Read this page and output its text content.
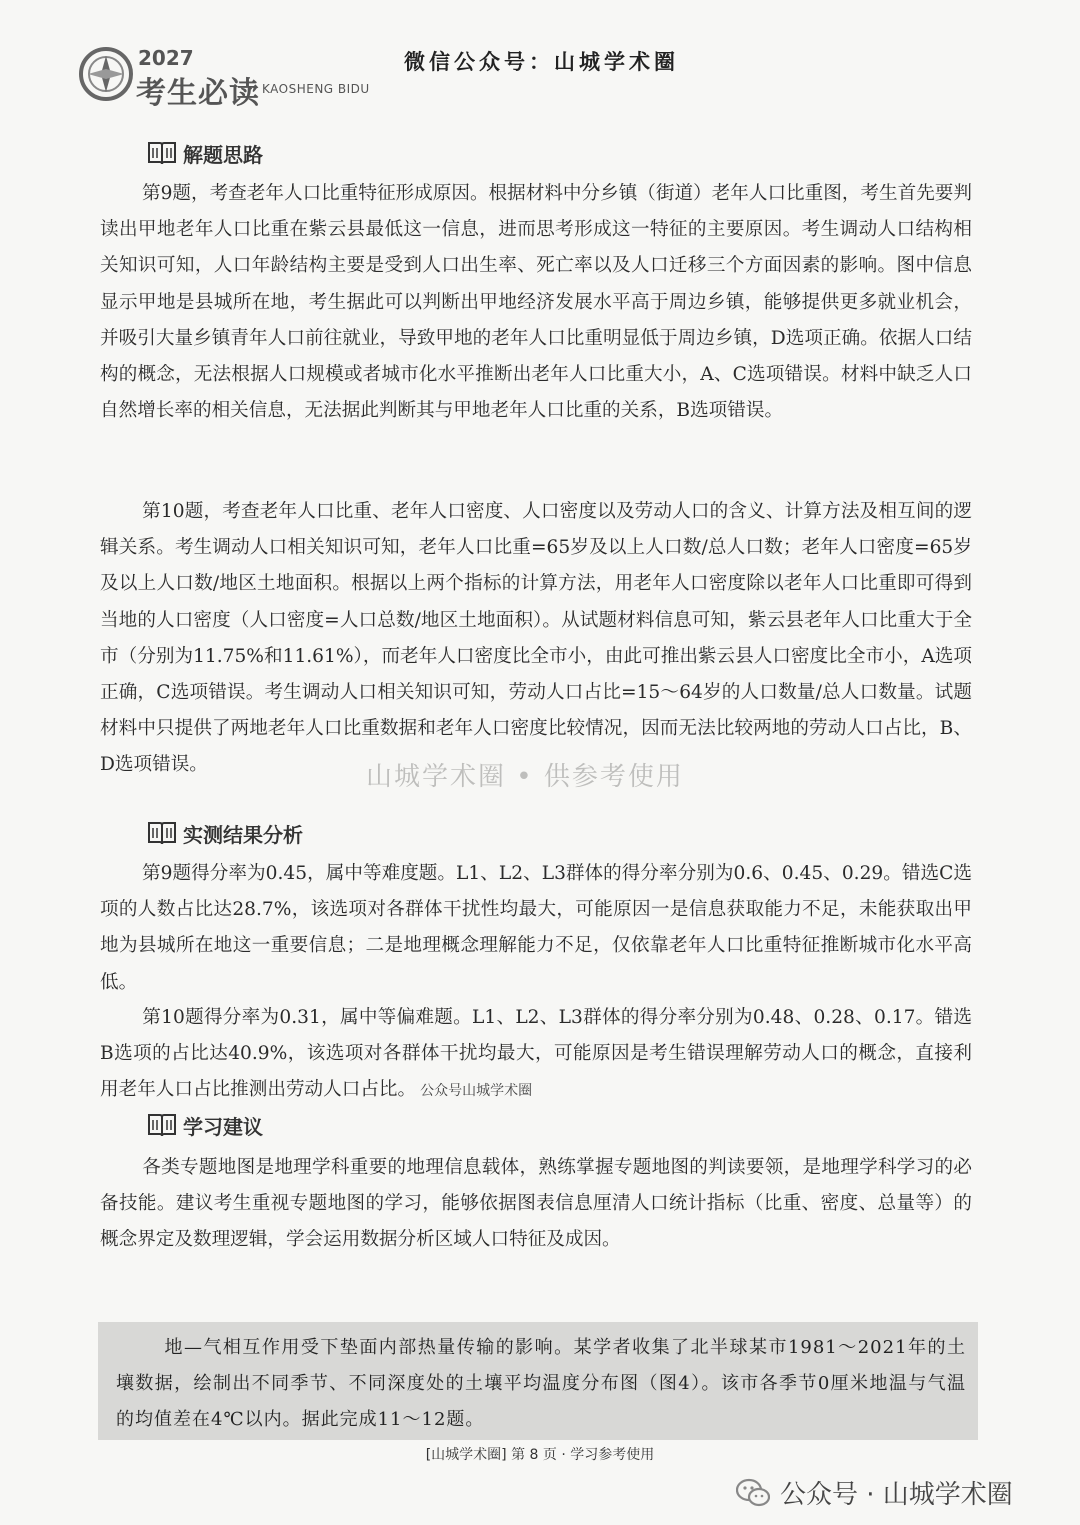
2027
考生必读 KAOSHENG BIDU
微信公众号：山城学术圈
解题思路
第9题，考查老年人口比重特征形成原因。根据材料中分乡镇（街道）老年人口比重图，考生首先要判读出甲地老年人口比重在紫云县最低这一信息，进而思考形成这一特征的主要原因。考生调动人口结构相关知识可知，人口年龄结构主要是受到人口出生率、死亡率以及人口迁移三个方面因素的影响。图中信息显示甲地是县城所在地，考生据此可以判断出甲地经济发展水平高于周边乡镇，能够提供更多就业机会，并吸引大量乡镇青年人口前往就业，导致甲地的老年人口比重明显低于周边乡镇，D选项正确。依据人口结构的概念，无法根据人口规模或者城市化水平推断出老年人口比重大小，A、C选项错误。材料中缺乏人口自然增长率的相关信息，无法据此判断其与甲地老年人口比重的关系，B选项错误。
第10题，考查老年人口比重、老年人口密度、人口密度以及劳动人口的含义、计算方法及相互间的逻辑关系。考生调动人口相关知识可知，老年人口比重=65岁及以上人口数/总人口数；老年人口密度=65岁及以上人口数/地区土地面积。根据以上两个指标的计算方法，用老年人口密度除以老年人口比重即可得到当地的人口密度（人口密度=人口总数/地区土地面积）。从试题材料信息可知，紫云县老年人口比重大于全市（分别为11.75%和11.61%），而老年人口密度比全市小，由此可推出紫云县人口密度比全市小，A选项正确，C选项错误。考生调动人口相关知识可知，劳动人口占比=15～64岁的人口数量/总人口数量。试题材料中只提供了两地老年人口比重数据和老年人口密度比较情况，因而无法比较两地的劳动人口占比，B、D选项错误。	山城学术圈 • 供参考使用
实测结果分析
第9题得分率为0.45，属中等难度题。L1、L2、L3群体的得分率分别为0.6、0.45、0.29。错选C选项的人数占比达28.7%，该选项对各群体干扰性均最大，可能原因一是信息获取能力不足，未能获取出甲地为县城所在地这一重要信息；二是地理概念理解能力不足，仅依靠老年人口比重特征推断城市化水平高低。
第10题得分率为0.31，属中等偏难题。L1、L2、L3群体的得分率分别为0.48、0.28、0.17。错选B选项的占比达40.9%，该选项对各群体干扰均最大，可能原因是考生错误理解劳动人口的概念，直接利用老年人口占比推测出劳动人口占比。 公众号山城学术圈
学习建议
各类专题地图是地理学科重要的地理信息载体，熟练掌握专题地图的判读要领，是地理学科学习的必备技能。建议考生重视专题地图的学习，能够依据图表信息厘清人口统计指标（比重、密度、总量等）的概念界定及数理逻辑，学会运用数据分析区域人口特征及成因。
地—气相互作用受下垫面内部热量传输的影响。某学者收集了北半球某市1981～2021年的土壤数据，绘制出不同季节、不同深度处的土壤平均温度分布图（图4）。该市各季节0厘米地温与气温的均值差在4℃以内。据此完成11～12题。
[山城学术圈] 第 8 页 · 学习参考使用
公众号 · 山城学术圈
